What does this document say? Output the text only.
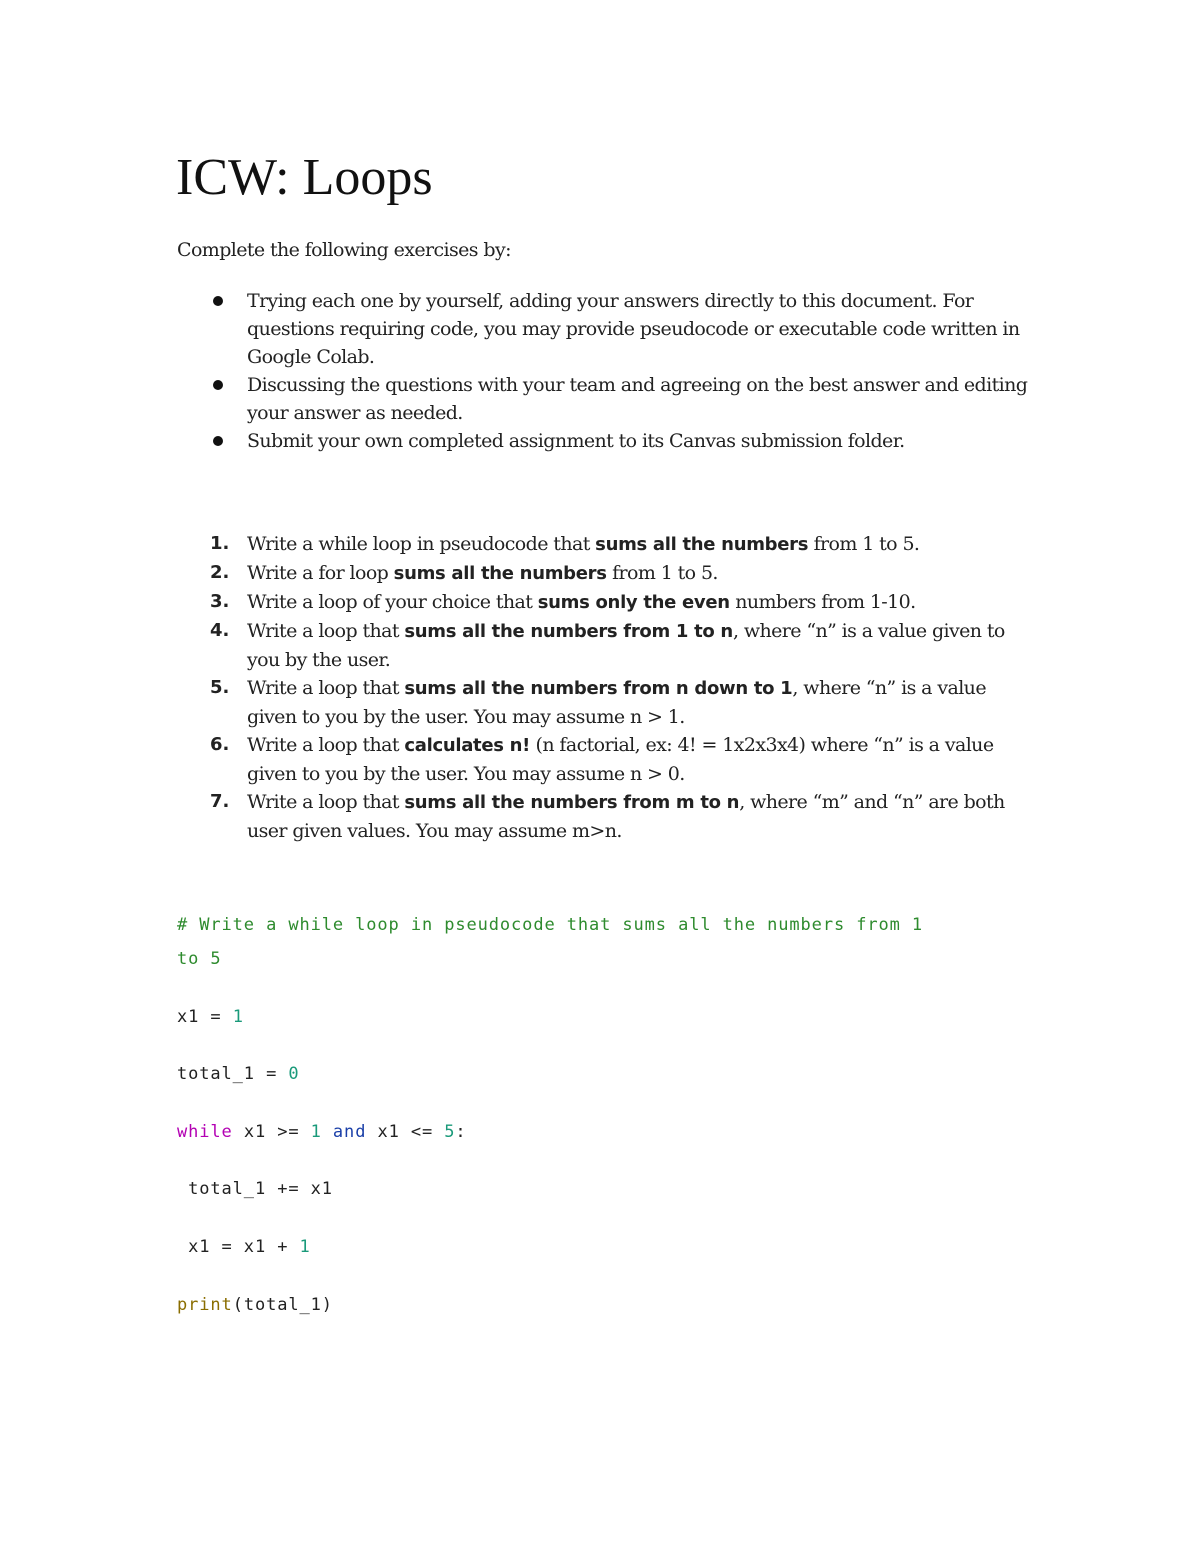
ICW: Loops

Complete the following exercises by:

Trying each one by yourself, adding your answers directly to this document. For questions requiring code, you may provide pseudocode or executable code written in Google Colab.
Discussing the questions with your team and agreeing on the best answer and editing your answer as needed.
Submit your own completed assignment to its Canvas submission folder.
1. Write a while loop in pseudocode that sums all the numbers from 1 to 5.
2. Write a for loop sums all the numbers from 1 to 5.
3. Write a loop of your choice that sums only the even numbers from 1-10.
4. Write a loop that sums all the numbers from 1 to n, where “n” is a value given to you by the user.
5. Write a loop that sums all the numbers from n down to 1, where “n” is a value given to you by the user. You may assume n > 1.
6. Write a loop that calculates n! (n factorial, ex: 4! = 1x2x3x4) where “n” is a value given to you by the user. You may assume n > 0.
7. Write a loop that sums all the numbers from m to n, where “m” and “n” are both user given values. You may assume m>n.
# Write a while loop in pseudocode that sums all the numbers from 1
to 5
x1 = 1
total_1 = 0
while x1 >= 1 and x1 <= 5:
total_1 += x1
x1 = x1 + 1
print(total_1)
